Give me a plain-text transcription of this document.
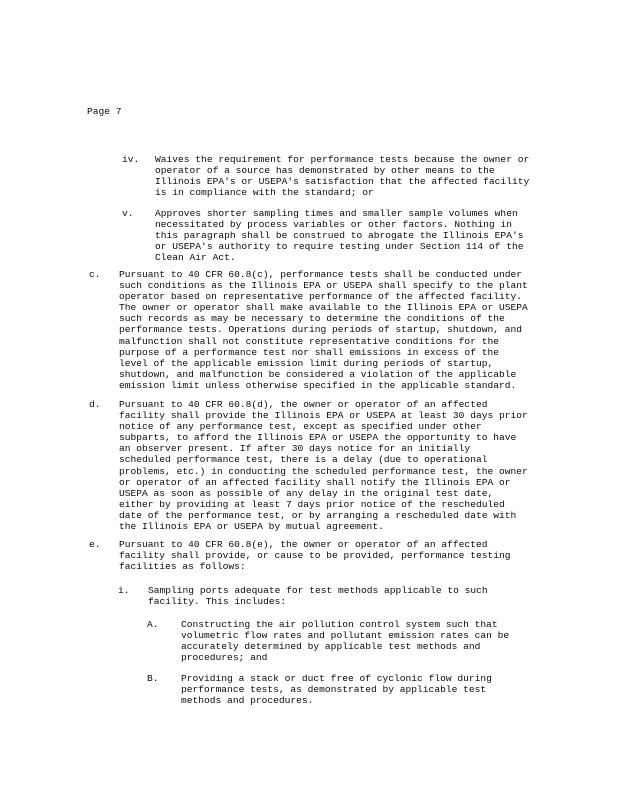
Page 7
iv. Waives the requirement for performance tests because the owner or
operator of a source has demonstrated by other means to the
Illinois EPA's or USEPA's satisfaction that the affected facility
is in compliance with the standard; or
v. Approves shorter sampling times and smaller sample volumes when
necessitated by process variables or other factors. Nothing in
this paragraph shall be construed to abrogate the Illinois EPA's
or USEPA's authority to require testing under Section 114 of the
Clean Air Act.
c. Pursuant to 40 CFR 60.8(c), performance tests shall be conducted under
such conditions as the Illinois EPA or USEPA shall specify to the plant
operator based on representative performance of the affected facility.
The owner or operator shall make available to the Illinois EPA or USEPA
such records as may be necessary to determine the conditions of the
performance tests. Operations during periods of startup, shutdown, and
malfunction shall not constitute representative conditions for the
purpose of a performance test nor shall emissions in excess of the
level of the applicable emission limit during periods of startup,
shutdown, and malfunction be considered a violation of the applicable
emission limit unless otherwise specified in the applicable standard.
d. Pursuant to 40 CFR 60.8(d), the owner or operator of an affected
facility shall provide the Illinois EPA or USEPA at least 30 days prior
notice of any performance test, except as specified under other
subparts, to afford the Illinois EPA or USEPA the opportunity to have
an observer present. If after 30 days notice for an initially
scheduled performance test, there is a delay (due to operational
problems, etc.) in conducting the scheduled performance test, the owner
or operator of an affected facility shall notify the Illinois EPA or
USEPA as soon as possible of any delay in the original test date,
either by providing at least 7 days prior notice of the rescheduled
date of the performance test, or by arranging a rescheduled date with
the Illinois EPA or USEPA by mutual agreement.
e. Pursuant to 40 CFR 60.8(e), the owner or operator of an affected
facility shall provide, or cause to be provided, performance testing
facilities as follows:
i. Sampling ports adequate for test methods applicable to such
facility. This includes:
A. Constructing the air pollution control system such that
volumetric flow rates and pollutant emission rates can be
accurately determined by applicable test methods and
procedures; and
B. Providing a stack or duct free of cyclonic flow during
performance tests, as demonstrated by applicable test
methods and procedures.
